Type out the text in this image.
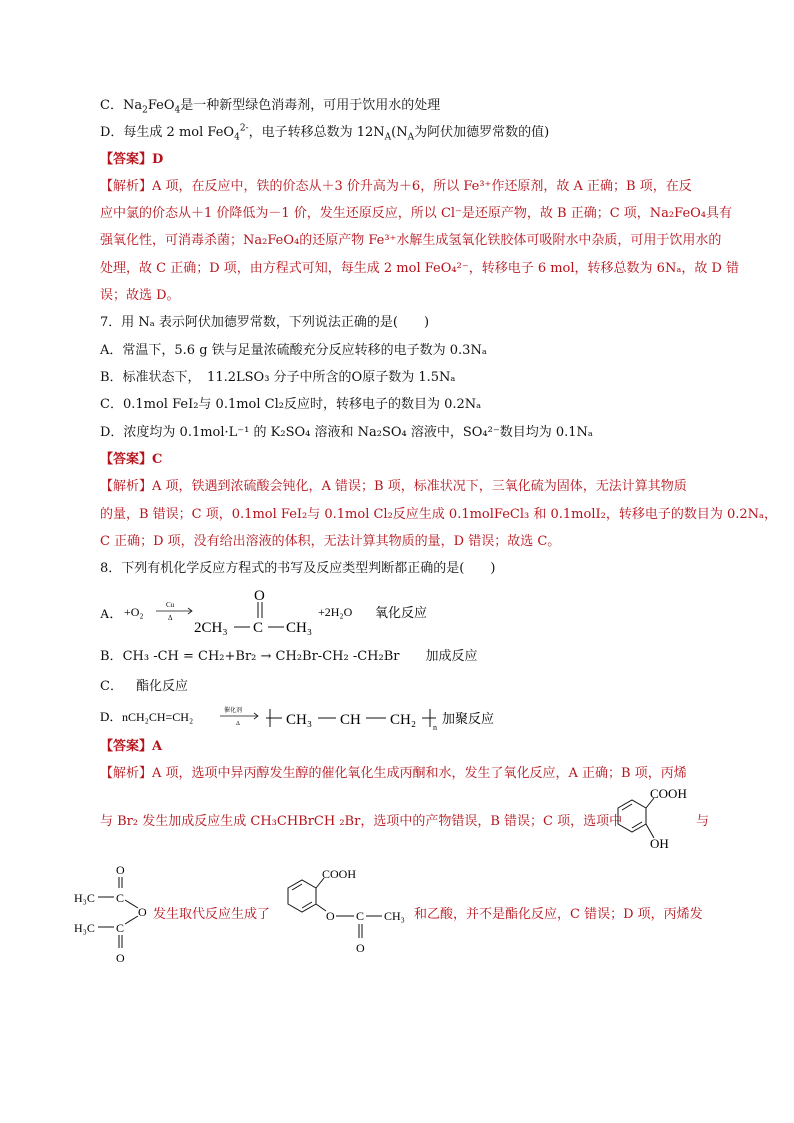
C．$Na_2FeO_4$是一种新型绿色消毒剂，可用于饮用水的处理
D．每生成 2 mol FeO$_4^{2-}$，电子转移总数为 $12N_A(N_A$为阿伏加德罗常数的值)
【答案】D
【解析】A 项，在反应中，铁的价态从＋3 价升高为＋6，所以 Fe³⁺作还原剂，故 A 正确；B 项，在反
应中氯的价态从＋1 价降低为－1 价，发生还原反应，所以 Cl⁻是还原产物，故 B 正确；C 项，Na₂FeO₄具有
强氧化性，可消毒杀菌；Na₂FeO₄的还原产物 Fe³⁺水解生成氢氧化铁胶体可吸附水中杂质，可用于饮用水的
处理，故 C 正确；D 项，由方程式可知，每生成 2 mol FeO₄²⁻，转移电子 6 mol，转移总数为 6Nₐ，故 D 错
误；故选 D。
7．用 Nₐ 表示阿伏加德罗常数，下列说法正确的是(　　)
A．常温下，5.6 g 铁与足量浓硫酸充分反应转移的电子数为 0.3Nₐ
B．标准状态下，　11.2LSO₃ 分子中所含的O原子数为 1.5Nₐ
C．0.1mol FeI₂与 0.1mol Cl₂反应时，转移电子的数目为 0.2Nₐ
D．浓度均为 0.1mol·L⁻¹ 的 K₂SO₄ 溶液和 Na₂SO₄ 溶液中，SO₄²⁻数目均为 0.1Nₐ
【答案】C
【解析】A 项，铁遇到浓硫酸会钝化，A 错误；B 项，标准状况下，三氧化硫为固体，无法计算其物质
的量，B 错误；C 项，0.1mol FeI₂与 0.1mol Cl₂反应生成 0.1molFeCl₃ 和 0.1molI₂，转移电子的数目为 0.2Nₐ，
C 正确；D 项，没有给出溶液的体积，无法计算其物质的量，D 错误；故选 C。
8．下列有机化学反应方程式的书写及反应类型判断都正确的是(　　)
A． +O₂	Cu
Δ
2CH₃ C
O
CH₃
+2H₂O 氧化反应
B．CH₃ -CH = CH₂+Br₂ → CH₂Br-CH₂ -CH₂Br　  加成反应
C．  酯化反应
D． nCH₂CH=CH₂	催化剂
Δ	CH₃ CH CH₂ n
加聚反应
【答案】A
【解析】A 项，选项中异丙醇发生醇的催化氧化生成丙酮和水，发生了氧化反应，A 正确；B 项，丙烯
与 Br₂ 发生加成反应生成 CH₃CHBrCH ₂Br，选项中的产物错误，B 错误；C 项，选项中	与
COOH
OH
O
H₃C C
O
H₃C C
O
发生取代反应生成了
COOH
O C
O
CH₃ 和乙酸，并不是酯化反应，C 错误；D 项，丙烯发
